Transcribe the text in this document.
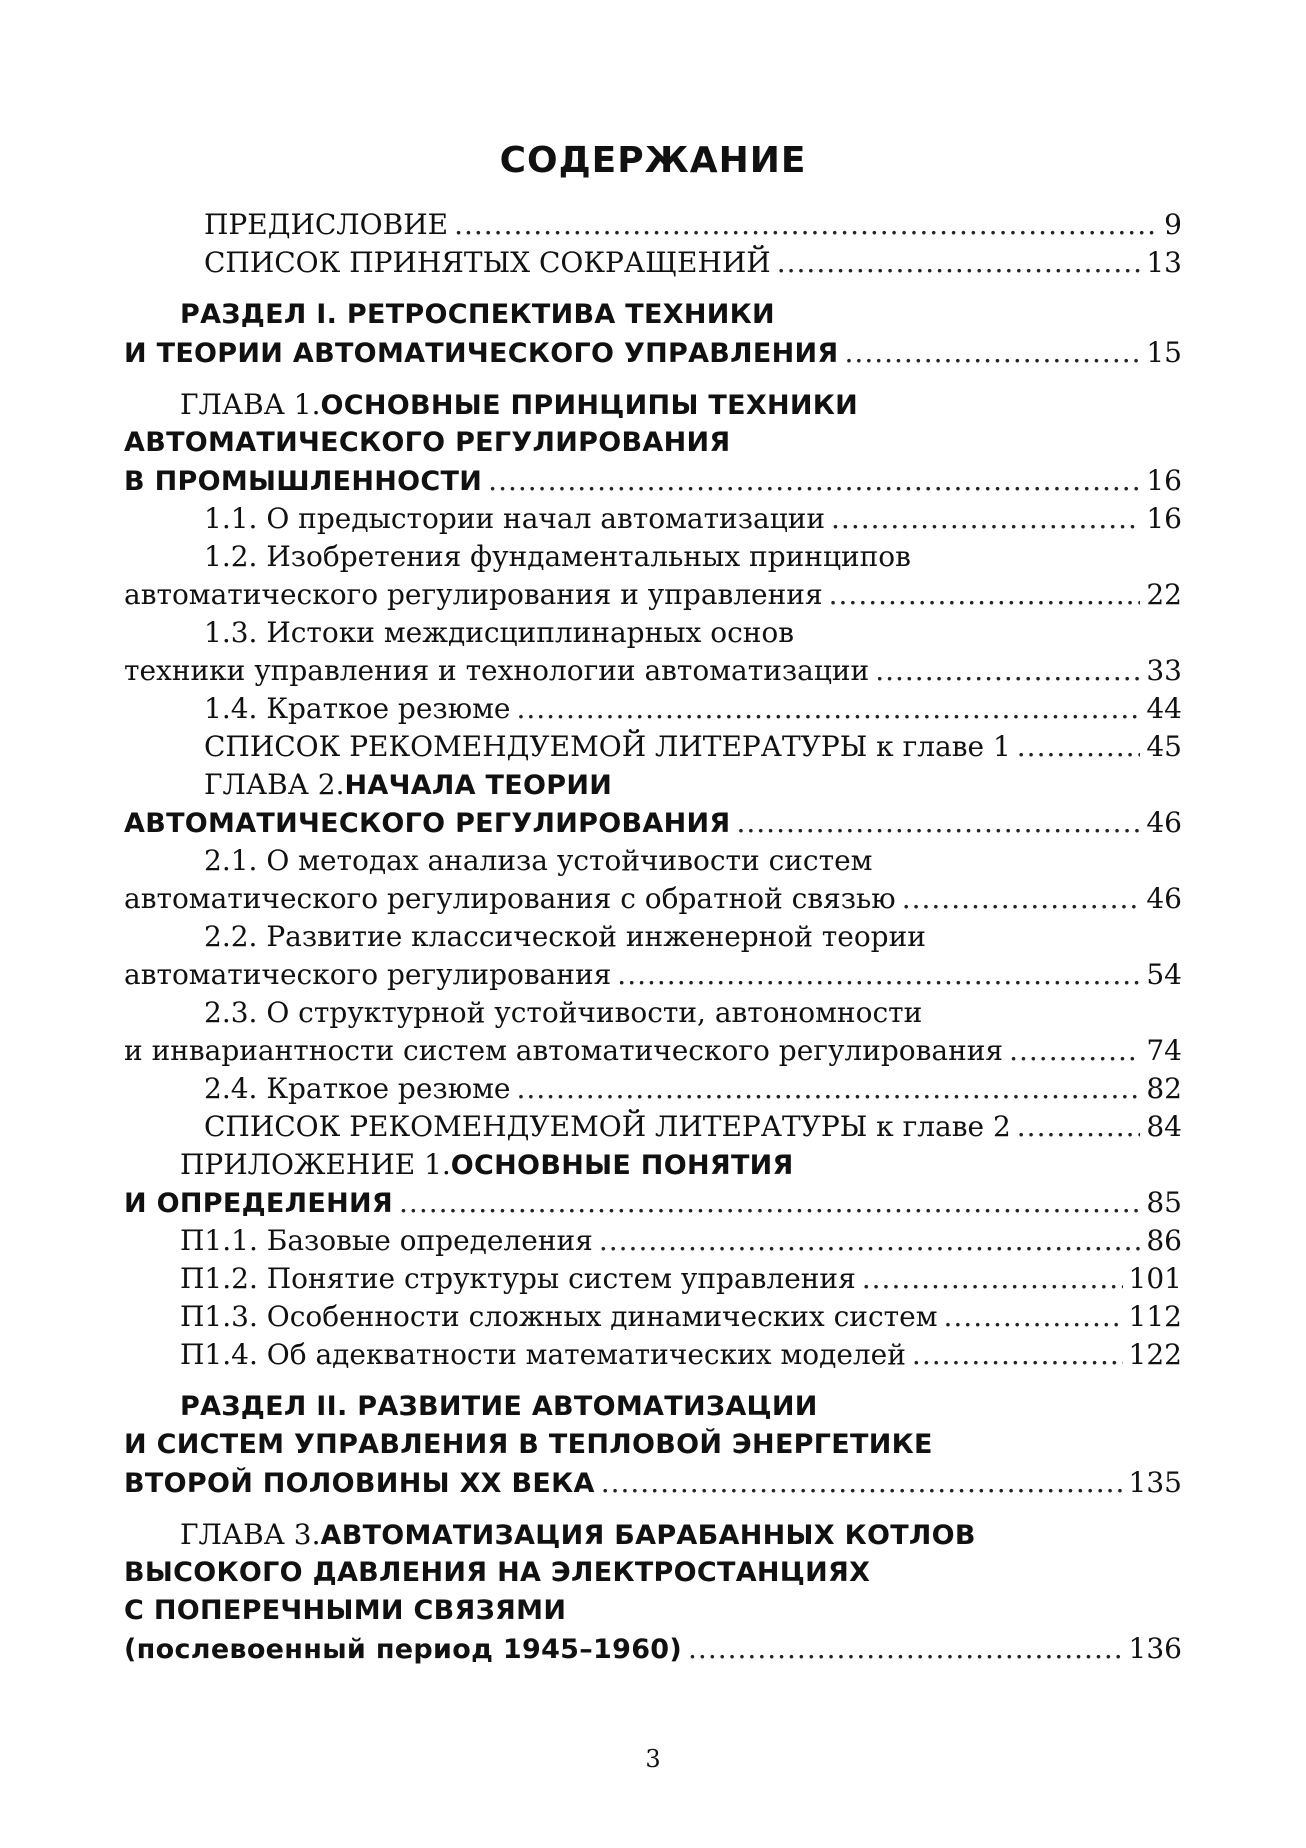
СОДЕРЖАНИЕ
ПРЕДИСЛОВИЕ .....	9
СПИСОК ПРИНЯТЫХ СОКРАЩЕНИЙ .....	13
РАЗДЕЛ I. РЕТРОСПЕКТИВА ТЕХНИКИ
И ТЕОРИИ АВТОМАТИЧЕСКОГО УПРАВЛЕНИЯ .....	15
ГЛАВА 1. ОСНОВНЫЕ ПРИНЦИПЫ ТЕХНИКИ
АВТОМАТИЧЕСКОГО РЕГУЛИРОВАНИЯ
В ПРОМЫШЛЕННОСТИ .....	16
1.1. О предыстории начал автоматизации .....	16
1.2. Изобретения фундаментальных принципов
автоматического регулирования и управления .....	22
1.3. Истоки междисциплинарных основ
техники управления и технологии автоматизации .....	33
1.4. Краткое резюме .....	44
СПИСОК РЕКОМЕНДУЕМОЙ ЛИТЕРАТУРЫ к главе 1 .....	45
ГЛАВА 2. НАЧАЛА ТЕОРИИ
АВТОМАТИЧЕСКОГО РЕГУЛИРОВАНИЯ .....	46
2.1. О методах анализа устойчивости систем
автоматического регулирования с обратной связью .....	46
2.2. Развитие классической инженерной теории
автоматического регулирования .....	54
2.3. О структурной устойчивости, автономности
и инвариантности систем автоматического регулирования .....	74
2.4. Краткое резюме .....	82
СПИСОК РЕКОМЕНДУЕМОЙ ЛИТЕРАТУРЫ к главе 2 .....	84
ПРИЛОЖЕНИЕ 1. ОСНОВНЫЕ ПОНЯТИЯ
И ОПРЕДЕЛЕНИЯ .....	85
П1.1. Базовые определения .....	86
П1.2. Понятие структуры систем управления .....	101
П1.3. Особенности сложных динамических систем .....	112
П1.4. Об адекватности математических моделей .....	122
РАЗДЕЛ II. РАЗВИТИЕ АВТОМАТИЗАЦИИ
И СИСТЕМ УПРАВЛЕНИЯ В ТЕПЛОВОЙ ЭНЕРГЕТИКЕ
ВТОРОЙ ПОЛОВИНЫ XX ВЕКА .....	135
ГЛАВА 3. АВТОМАТИЗАЦИЯ БАРАБАННЫХ КОТЛОВ
ВЫСОКОГО ДАВЛЕНИЯ НА ЭЛЕКТРОСТАНЦИЯХ
С ПОПЕРЕЧНЫМИ СВЯЗЯМИ
(послевоенный период 1945–1960) .....	136
3
